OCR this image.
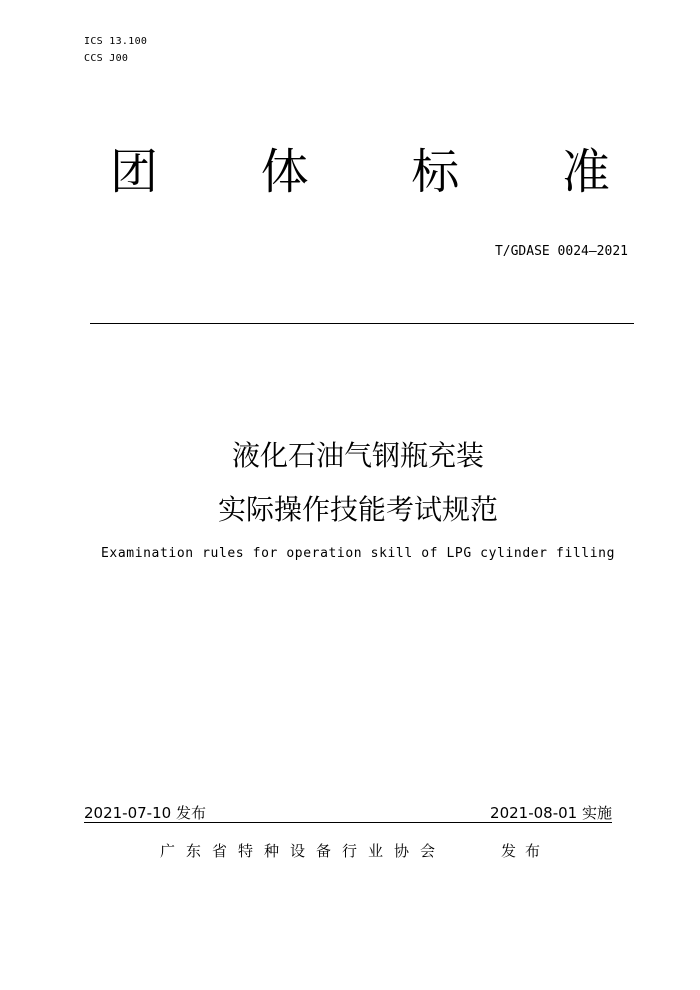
ICS 13.100
CCS J00
团 体 标 准
T/GDASE 0024—2021
液化石油气钢瓶充装
实际操作技能考试规范
Examination rules for operation skill of LPG cylinder filling
2021-07-10 发布	2021-08-01 实施
广东省特种设备行业协会	发布
